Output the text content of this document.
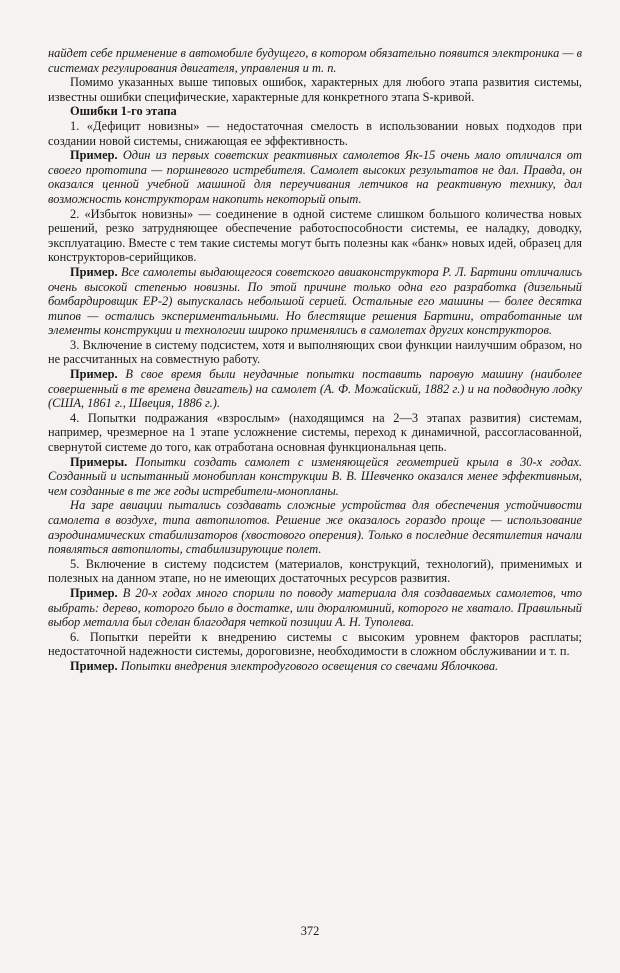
найдет себе применение в автомобиле будущего, в котором обязательно появится электроника — в системах регулирования двигателя, управления и т. п.

Помимо указанных выше типовых ошибок, характерных для любого этапа развития системы, известны ошибки специфические, характерные для конкретного этапа S-кривой.

Ошибки 1-го этапа

1. «Дефицит новизны» — недостаточная смелость в использовании новых подходов при создании новой системы, снижающая ее эффективность.

Пример. Один из первых советских реактивных самолетов Як-15 очень мало отличался от своего прототипа — поршневого истребителя. Самолет высоких результатов не дал. Правда, он оказался ценной учебной машиной для переучивания летчиков на реактивную технику, дал возможность конструкторам накопить некоторый опыт.

2. «Избыток новизны» — соединение в одной системе слишком большого количества новых решений, резко затрудняющее обеспечение работоспособности системы, ее наладку, доводку, эксплуатацию. Вместе с тем такие системы могут быть полезны как «банк» новых идей, образец для конструкторов-серийщиков.

Пример. Все самолеты выдающегося советского авиаконструктора Р. Л. Бартини отличались очень высокой степенью новизны. По этой причине только одна его разработка (дизельный бомбардировщик ЕР-2) выпускалась небольшой серией. Остальные его машины — более десятка типов — остались экспериментальными. Но блестящие решения Бартини, отработанные им элементы конструкции и технологии широко применялись в самолетах других конструкторов.

3. Включение в систему подсистем, хотя и выполняющих свои функции наилучшим образом, но не рассчитанных на совместную работу.

Пример. В свое время были неудачные попытки поставить паровую машину (наиболее совершенный в те времена двигатель) на самолет (А. Ф. Можайский, 1882 г.) и на подводную лодку (США, 1861 г., Швеция, 1886 г.).

4. Попытки подражания «взрослым» (находящимся на 2—3 этапах развития) системам, например, чрезмерное на 1 этапе усложнение системы, переход к динамичной, рассогласованной, свернутой системе до того, как отработана основная функциональная цепь.

Примеры. Попытки создать самолет с изменяющейся геометрией крыла в 30-х годах. Созданный и испытанный монобиплан конструкции В. В. Шевченко оказался менее эффективным, чем созданные в те же годы истребители-монопланы.

На заре авиации пытались создавать сложные устройства для обеспечения устойчивости самолета в воздухе, типа автопилотов. Решение же оказалось гораздо проще — использование аэродинамических стабилизаторов (хвостового оперения). Только в последние десятилетия начали появляться автопилоты, стабилизирующие полет.

5. Включение в систему подсистем (материалов, конструкций, технологий), применимых и полезных на данном этапе, но не имеющих достаточных ресурсов развития.

Пример. В 20-х годах много спорили по поводу материала для создаваемых самолетов, что выбрать: дерево, которого было в достатке, или дюралюминий, которого не хватало. Правильный выбор металла был сделан благодаря четкой позиции А. Н. Туполева.

6. Попытки перейти к внедрению системы с высоким уровнем факторов расплаты; недостаточной надежности системы, дороговизне, необходимости в сложном обслуживании и т. п.

Пример. Попытки внедрения электродугового освещения со свечами Яблочкова.

372
